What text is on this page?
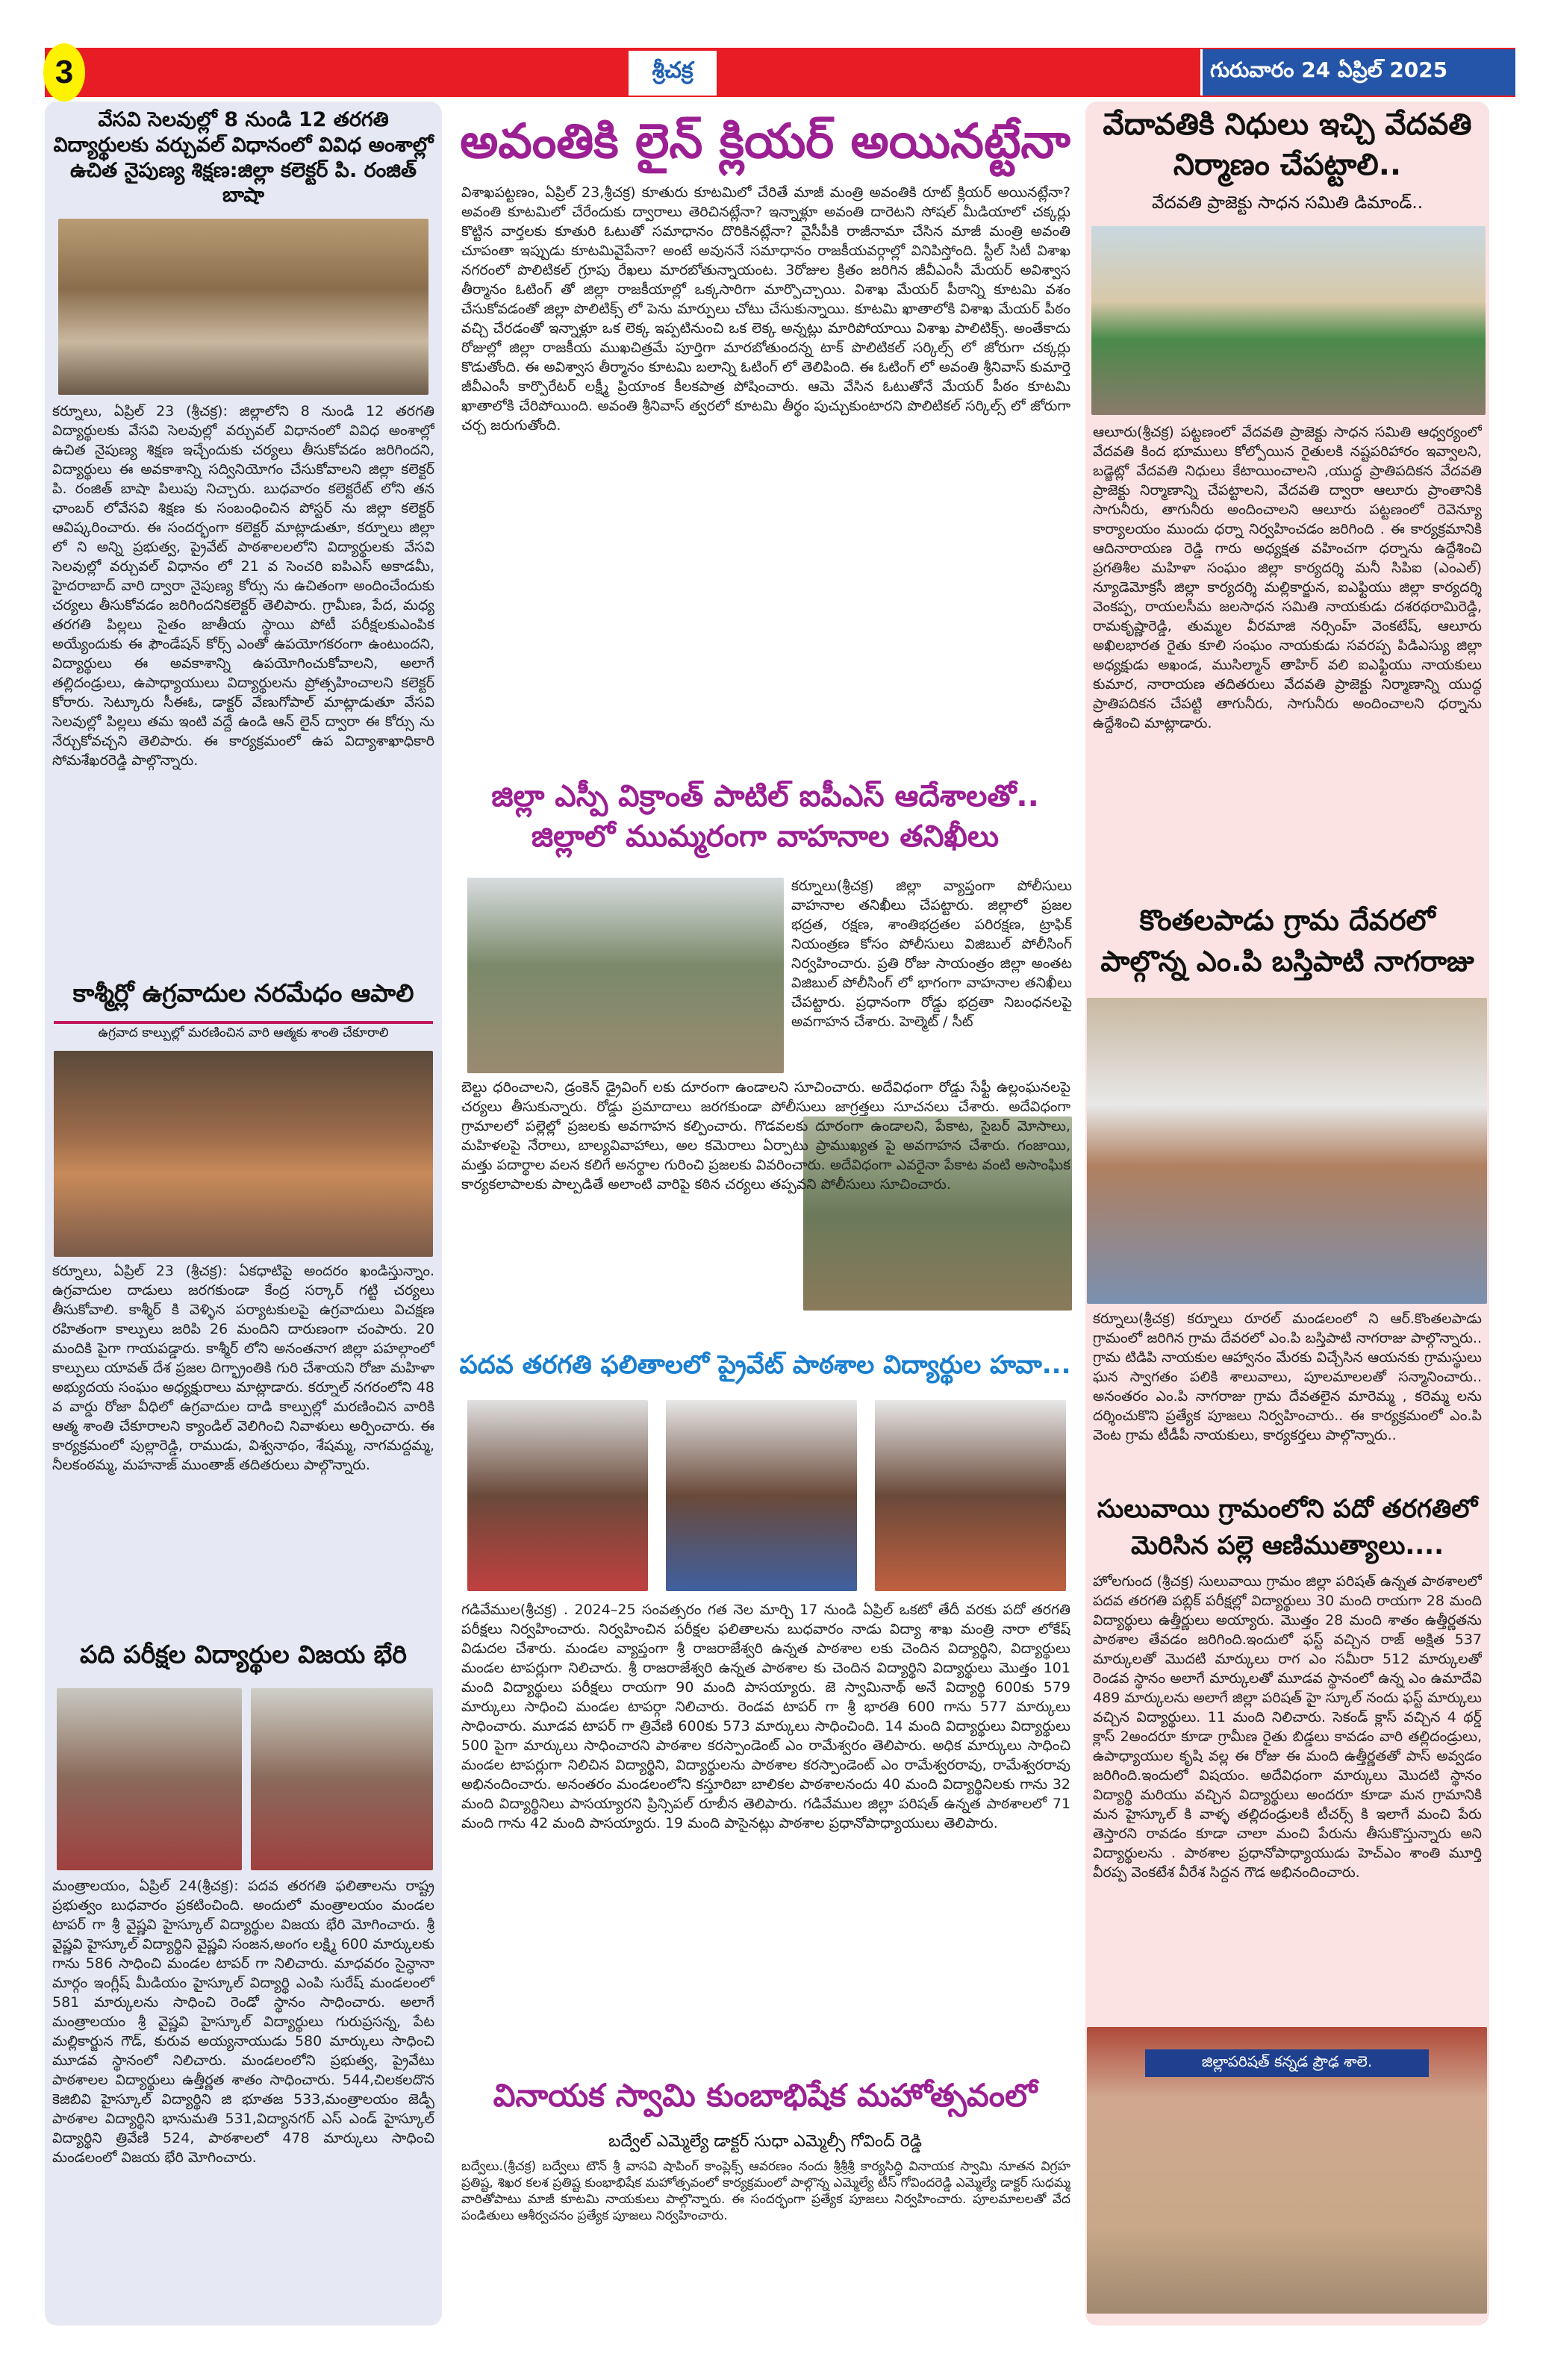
3	శ్రీచక్ర	గురువారం 24 ఏప్రిల్ 2025
వేసవి సెలవుల్లో 8 నుండి 12 తరగతి విద్యార్థులకు వర్చువల్ విధానంలో వివిధ అంశాల్లో ఉచిత నైపుణ్య శిక్షణ:జిల్లా కలెక్టర్ పి. రంజిత్ బాషా
కర్నూలు, ఏప్రిల్ 23 (శ్రీచక్ర): జిల్లాలోని 8 నుండి 12 తరగతి విద్యార్థులకు వేసవి సెలవుల్లో వర్చువల్ విధానంలో వివిధ అంశాల్లో ఉచిత నైపుణ్య శిక్షణ ఇచ్చేందుకు చర్యలు తీసుకోవడం జరిగిందని, విద్యార్థులు ఈ అవకాశాన్ని సద్వినియోగం చేసుకోవాలని జిల్లా కలెక్టర్ పి. రంజిత్ బాషా పిలుపు నిచ్చారు. బుధవారం కలెక్టరేట్ లోని తన ఛాంబర్ లోవేసవి శిక్షణ కు సంబంధించిన పోస్టర్ ను జిల్లా కలెక్టర్ ఆవిష్కరించారు. ఈ సందర్భంగా కలెక్టర్ మాట్లాడుతూ, కర్నూలు జిల్లా లో ని అన్ని ప్రభుత్వ, ప్రైవేట్ పాఠశాలలలోని విద్యార్థులకు వేసవి సెలవుల్లో వర్చువల్ విధానం లో 21 వ సెంచరి ఐపిఎస్ అకాడమీ, హైదరాబాద్ వారి ద్వారా నైపుణ్య కోర్సు ను ఉచితంగా అందించేందుకు చర్యలు తీసుకోవడం జరిగిందనికలెక్టర్ తెలిపారు. గ్రామీణ, పేద, మధ్య తరగతి పిల్లలు సైతం జాతీయ స్థాయి పోటీ పరీక్షలకుఎంపిక అయ్యేందుకు ఈ ఫౌండేషన్ కోర్స్ ఎంతో ఉపయోగకరంగా ఉంటుందని, విద్యార్థులు ఈ అవకాశాన్ని ఉపయోగించుకోవాలని, అలాగే తల్లిదండ్రులు, ఉపాధ్యాయులు విద్యార్థులను ప్రోత్సహించాలని కలెక్టర్ కోరారు. సెట్కూరు సీఈఓ, డాక్టర్ వేణుగోపాల్ మాట్లాడుతూ వేసవి సెలవుల్లో పిల్లలు తమ ఇంటి వద్దే ఉండి ఆన్ లైన్ ద్వారా ఈ కోర్సు ను నేర్చుకోవచ్చని తెలిపారు. ఈ కార్యక్రమంలో ఉప విద్యాశాఖాధికారి సోమశేఖరరెడ్డి పాల్గొన్నారు.
కాశ్మీర్లో ఉగ్రవాదుల నరమేధం ఆపాలి
ఉగ్రవాద కాల్పుల్లో మరణించిన వారి ఆత్మకు శాంతి చేకూరాలి
కర్నూలు, ఏప్రిల్ 23 (శ్రీచక్ర): ఏకధాటిపై అందరం ఖండిస్తున్నాం. ఉగ్రవాదుల దాడులు జరగకుండా కేంద్ర సర్కార్ గట్టి చర్యలు తీసుకోవాలి. కాశ్మీర్ కి వెళ్ళిన పర్యాటకులపై ఉగ్రవాదులు విచక్షణ రహితంగా కాల్పులు జరిపి 26 మందిని దారుణంగా చంపారు. 20 మందికి పైగా గాయపడ్డారు. కాశ్మీర్ లోని అనంతనాగ జిల్లా పహల్గాంలో కాల్పులు యావత్ దేశ ప్రజల దిగ్భ్రాంతికి గురి చేశాయని రోజా మహిళా అభ్యుదయ సంఘం అధ్యక్షురాలు మాట్లాడారు. కర్నూల్ నగరంలోని 48 వ వార్డు రోజా వీధిలో ఉగ్రవాదుల దాడి కాల్పుల్లో మరణించిన వారికి ఆత్మ శాంతి చేకూరాలని క్యాండిల్ వెలిగించి నివాళులు అర్పించారు. ఈ కార్యక్రమంలో పుల్లారెడ్డి, రాముడు, విశ్వనాథం, శేషమ్మ, నాగమద్దమ్మ, నీలకంఠమ్మ, మహనాజ్ ముంతాజ్ తదితరులు పాల్గొన్నారు.
పది పరీక్షల విద్యార్థుల విజయ భేరి
మంత్రాలయం, ఏప్రిల్ 24(శ్రీచక్ర): పదవ తరగతి ఫలితాలను రాష్ట్ర ప్రభుత్వం బుధవారం ప్రకటించింది. అందులో మంత్రాలయం మండల టాపర్ గా శ్రీ వైష్ణవి హైస్కూల్ విద్యార్థుల విజయ భేరి మోగించారు. శ్రీ వైష్ణవి హైస్కూల్ విద్యార్థిని వైష్ణవి సంజన,అంగం లక్ష్మి 600 మార్కులకు గాను 586 సాధించి మండల టాపర్ గా నిలిచారు. మాధవరం సైన్ధానా మార్గం ఇంగ్లీష్ మీడియం హైస్కూల్ విద్యార్థి ఎంపి సురేష్ మండలంలో 581 మార్కులను సాధించి రెండో స్థానం సాధించారు. అలాగే మంత్రాలయం శ్రీ వైష్ణవి హైస్కూల్ విద్యార్థులు గురుప్రసన్న, పేట మల్లికార్జున గౌడ్, కురువ అయ్యనాయుడు 580 మార్కులు సాధించి మూడవ స్థానంలో నిలిచారు. మండలంలోని ప్రభుత్వ, ప్రైవేటు పాఠశాలల విద్యార్థులు ఉత్తీర్ణత శాతం సాధించారు. 544,చిలకలదొన కెజిబివి హైస్కూల్ విద్యార్థిని జి భూతజ 533,మంత్రాలయం జెడ్పీ పాఠశాల విద్యార్థిని భానుమతి 531,విద్యానగర్ ఎస్ ఎండ్ హైస్కూల్ విద్యార్థిని త్రివేణి 524, పాఠశాలలో 478 మార్కులు సాధించి మండలంలో విజయ భేరి మోగించారు.
అవంతికి లైన్ క్లియర్ అయినట్టేనా
విశాఖపట్టణం, ఏప్రిల్ 23,శ్రీచక్ర) కూతురు కూటమిలో చేరితే మాజీ మంత్రి అవంతికి రూట్ క్లియర్ అయినట్లేనా? అవంతి కూటమిలో చేరేందుకు ద్వారాలు తెరిచినట్లేనా? ఇన్నాళ్లూ అవంతి దారెటని సోషల్ మీడియాలో చక్కర్లు కొట్టిన వార్తలకు కూతురి ఓటుతో సమాధానం దొరికినట్లేనా? వైసీపీకి రాజీనామా చేసిన మాజీ మంత్రి అవంతి చూపంతా ఇప్పుడు కూటమివైపేనా? అంటే అవుననే సమాధానం రాజకీయవర్గాల్లో వినిపిస్తోంది. స్టీల్ సిటీ విశాఖ నగరంలో పొలిటికల్ గ్రూపు రేఖలు మారబోతున్నాయంట. 3రోజుల క్రితం జరిగిన జీవీఎంసీ మేయర్ అవిశ్వాస తీర్మానం ఓటింగ్ తో జిల్లా రాజకీయాల్లో ఒక్కసారిగా మార్పొచ్చాయి. విశాఖ మేయర్ పీఠాన్ని కూటమి వశం చేసుకోవడంతో జిల్లా పొలిటిక్స్ లో పెను మార్పులు చోటు చేసుకున్నాయి. కూటమి ఖాతాలోకి విశాఖ మేయర్ పీఠం వచ్చి చేరడంతో ఇన్నాళ్లూ ఒక లెక్క ఇప్పటినుంచి ఒక లెక్క అన్నట్లు మారిపోయాయి విశాఖ పాలిటిక్స్. అంతేకాదు రోజుల్లో జిల్లా రాజకీయ ముఖచిత్రమే పూర్తిగా మారబోతుందన్న టాక్ పొలిటికల్ సర్కిల్స్ లో జోరుగా చక్కర్లు కొడుతోంది. ఈ అవిశ్వాస తీర్మానం కూటమి బలాన్ని ఓటింగ్ లో తెలిపింది. ఈ ఓటింగ్ లో అవంతి శ్రీనివాస్ కుమార్తె జీవీఎంసీ కార్పొరేటర్ లక్ష్మీ ప్రియాంక కీలకపాత్ర పోషించారు. ఆమె వేసిన ఓటుతోనే మేయర్ పీఠం కూటమి ఖాతాలోకి చేరిపోయింది. అవంతి శ్రీనివాస్ త్వరలో కూటమి తీర్థం పుచ్చుకుంటారని పొలిటికల్ సర్కిల్స్ లో జోరుగా చర్చ జరుగుతోంది.
జిల్లా ఎస్పీ విక్రాంత్ పాటిల్ ఐపీఎస్ ఆదేశాలతో.. జిల్లాలో ముమ్మరంగా వాహనాల తనిఖీలు
కర్నూలు(శ్రీచక్ర) జిల్లా వ్యాప్తంగా పోలీసులు వాహనాల తనిఖీలు చేపట్టారు. జిల్లాలో ప్రజల భద్రత, రక్షణ, శాంతిభద్రతల పరిరక్షణ, ట్రాఫిక్ నియంత్రణ కోసం పోలీసులు విజిబుల్ పోలీసింగ్ నిర్వహించారు. ప్రతి రోజు సాయంత్రం జిల్లా అంతట విజిబుల్ పోలీసింగ్ లో భాగంగా వాహనాల తనిఖీలు చేపట్టారు. ప్రధానంగా రోడ్డు భద్రతా నిబంధనలపై అవగాహన చేశారు. హెల్మెట్ / సీట్
బెల్టు ధరించాలని, డ్రంకెన్ డ్రైవింగ్ లకు దూరంగా ఉండాలని సూచించారు. అదేవిధంగా రోడ్డు సేఫ్టీ ఉల్లంఘనలపై చర్యలు తీసుకున్నారు. రోడ్డు ప్రమాదాలు జరగకుండా పోలీసులు జాగ్రత్తలు సూచనలు చేశారు. అదేవిధంగా గ్రామాలలో పల్లెల్లో ప్రజలకు అవగాహన కల్పించారు. గొడవలకు దూరంగా ఉండాలని, పేకాట, సైబర్ మోసాలు, మహిళలపై నేరాలు, బాల్యవివాహాలు, అల కమెరాలు ఏర్పాటు ప్రాముఖ్యత పై అవగాహన చేశారు. గంజాయి, మత్తు పదార్థాల వలన కలిగే అనర్థాల గురించి ప్రజలకు వివరించారు. అదేవిధంగా ఎవరైనా పేకాట వంటి అసాంఘిక కార్యకలాపాలకు పాల్పడితే అలాంటి వారిపై కఠిన చర్యలు తప్పవని పోలీసులు సూచించారు.
పదవ తరగతి ఫలితాలలో ప్రైవేట్ పాఠశాల విద్యార్థుల హవా...
గడివేముల(శ్రీచక్ర) . 2024–25 సంవత్సరం గత నెల మార్చి 17 నుండి ఏప్రిల్ ఒకటో తేదీ వరకు పదో తరగతి పరీక్షలు నిర్వహించారు. నిర్వహించిన పరీక్షల ఫలితాలను బుధవారం నాడు విద్యా శాఖ మంత్రి నారా లోకేష్ విడుదల చేశారు. మండల వ్యాప్తంగా శ్రీ రాజరాజేశ్వరి ఉన్నత పాఠశాల లకు చెందిన విద్యార్థిని, విద్యార్థులు మండల టాపర్లుగా నిలిచారు. శ్రీ రాజరాజేశ్వరి ఉన్నత పాఠశాల కు చెందిన విద్యార్థిని విద్యార్థులు మొత్తం 101 మంది విద్యార్థులు పరీక్షలు రాయగా 90 మంది పాసయ్యారు. జె స్వామినాథ్ అనే విద్యార్థి 600కు 579 మార్కులు సాధించి మండల టాపర్గా నిలిచారు. రెండవ టాపర్ గా శ్రీ భారతి 600 గాను 577 మార్కులు సాధించారు. మూడవ టాపర్ గా త్రివేణి 600కు 573 మార్కులు సాధించింది. 14 మంది విద్యార్థులు విద్యార్థులు 500 పైగా మార్కులు సాధించారని పాఠశాల కరస్పాండెంట్ ఎం రామేశ్వరం తెలిపారు. అధిక మార్కులు సాధించి మండల టాపర్లుగా నిలిచిన విద్యార్థిని, విద్యార్థులను పాఠశాల కరస్పాండెంట్ ఎం రామేశ్వరరావు, రామేశ్వరరావు అభినందించారు. అనంతరం మండలంలోని కస్తూరిబా బాలికల పాఠశాలనందు 40 మంది విద్యార్థినిలకు గాను 32 మంది విద్యార్థినిలు పాసయ్యారని ప్రిన్సిపల్ రూబీన తెలిపారు. గడివేముల జిల్లా పరిషత్ ఉన్నత పాఠశాలలో 71 మంది గాను 42 మంది పాసయ్యారు. 19 మంది పాసైనట్లు పాఠశాల ప్రధానోపాధ్యాయులు తెలిపారు.
వినాయక స్వామి కుంబాభిషేక మహోత్సవంలో
బద్వేల్ ఎమ్మెల్యే డాక్టర్ సుధా ఎమ్మెల్సీ గోవింద్ రెడ్డి
బద్వేలు.(శ్రీచక్ర) బద్వేలు టౌన్ శ్రీ వాసవి షాపింగ్ కాంప్లెక్స్ ఆవరణం నందు శ్రీశ్రీశ్రీ కార్యసిద్ధి వినాయక స్వామి నూతన విగ్రహ ప్రతిష్ట, శిఖర కలశ ప్రతిష్ట కుంభాభిషేక మహోత్సవంలో కార్యక్రమంలో పాల్గొన్న ఎమ్మెల్యే టీస్ గోవిందరెడ్డి ఎమ్మెల్యే డాక్టర్ సుధమ్మ వారితోపాటు మాజీ కూటమి నాయకులు పాల్గొన్నారు. ఈ సందర్భంగా ప్రత్యేక పూజలు నిర్వహించారు. పూలమాలలతో వేద పండితులు ఆశీర్వచనం ప్రత్యేక పూజలు నిర్వహించారు.
వేదావతికి నిధులు ఇచ్చి వేదవతి నిర్మాణం చేపట్టాలి..
వేదవతి ప్రాజెక్టు సాధన సమితి డిమాండ్..
ఆలూరు(శ్రీచక్ర) పట్టణంలో వేదవతి ప్రాజెక్టు సాధన సమితి ఆధ్వర్యంలో వేదవతి కింద భూములు కోల్పోయిన రైతులకి నష్టపరిహారం ఇవ్వాలని, బడ్జెట్లో వేదవతి నిధులు కేటాయించాలని ,యుద్ధ ప్రాతిపదికన వేదవతి ప్రాజెక్టు నిర్మాణాన్ని చేపట్టాలని, వేదవతి ద్వారా ఆలూరు ప్రాంతానికి సాగునీరు, తాగునీరు అందించాలని ఆలూరు పట్టణంలో రెవెన్యూ కార్యాలయం ముందు ధర్నా నిర్వహించడం జరిగింది . ఈ కార్యక్రమానికి ఆదినారాయణ రెడ్డి గారు అధ్యక్షత వహించగా ధర్నాను ఉద్దేశించి ప్రగతిశీల మహిళా సంఘం జిల్లా కార్యదర్శి మనీ సిపిఐ (ఎంఎల్) న్యూడెమోక్రసీ జిల్లా కార్యదర్శి మల్లికార్జున, ఐఎఫ్టియు జిల్లా కార్యదర్శి వెంకప్ప, రాయలసీమ జలసాధన సమితి నాయకుడు దశరథరామిరెడ్డి, రామకృష్ణారెడ్డి, తుమ్మల వీరమాజి నర్సింహ్ వెంకటేష్, ఆలూరు అఖిలభారత రైతు కూలి సంఘం నాయకుడు సవరప్ప పిడిఎస్యు జిల్లా అధ్యక్షుడు అఖండ, ముసిల్మాన్ తాహిర్ వలి ఐఎఫ్టియు నాయకులు కుమార, నారాయణ తదితరులు వేదవతి ప్రాజెక్టు నిర్మాణాన్ని యుద్ధ ప్రాతిపదికన చేపట్టి తాగునీరు, సాగునీరు అందించాలని ధర్నాను ఉద్దేశించి మాట్లాడారు.
కొంతలపాడు గ్రామ దేవరలో పాల్గొన్న ఎం.పి బస్తిపాటి నాగరాజు
కర్నూలు(శ్రీచక్ర) కర్నూలు రూరల్ మండలంలో ని ఆర్.కొంతలపాడు గ్రామంలో జరిగిన గ్రామ దేవరలో ఎం.పి బస్తిపాటి నాగరాజు పాల్గొన్నారు.. గ్రామ టిడిపి నాయకుల ఆహ్వానం మేరకు విచ్చేసిన ఆయనకు గ్రామస్థులు ఘన స్వాగతం పలికి శాలువాలు, పూలమాలలతో సన్మానించారు.. అనంతరం ఎం.పి నాగరాజు గ్రామ దేవతలైన మారెమ్మ , కరెమ్మ లను దర్శించుకొని ప్రత్యేక పూజలు నిర్వహించారు.. ఈ కార్యక్రమంలో ఎం.పి వెంట గ్రామ టీడీపీ నాయకులు, కార్యకర్తలు పాల్గొన్నారు..
సులువాయి గ్రామంలోని పదో తరగతిలో మెరిసిన పల్లె ఆణిముత్యాలు....
హోలగుంద (శ్రీచక్ర) సులువాయి గ్రామం జిల్లా పరిషత్ ఉన్నత పాఠశాలలో పదవ తరగతి పబ్లిక్ పరీక్షల్లో విద్యార్థులు 30 మంది రాయగా 28 మంది విద్యార్థులు ఉత్తీర్ణులు అయ్యారు. మొత్తం 28 మంది శాతం ఉత్తీర్ణతను పాఠశాల తేవడం జరిగింది.ఇందులో ఫస్ట్ వచ్చిన రాజ్ అక్షిత 537 మార్కులతో మొదటి మార్కులు రాగ ఎం సమీరా 512 మార్కులతో రెండవ స్థానం అలాగే మార్కులతో మూడవ స్థానంలో ఉన్న ఎం ఉమాదేవి 489 మార్కులను అలాగే జిల్లా పరిషత్ హై స్కూల్ నందు ఫస్ట్ మార్కులు వచ్చిన విద్యార్థులు. 11 మంది నిలిచారు. సెకండ్ క్లాస్ వచ్చిన 4 థర్డ్ క్లాస్ 2అందరూ కూడా గ్రామీణ రైతు బిడ్డలు కావడం వారి తల్లిదండ్రులు, ఉపాధ్యాయుల కృషి వల్ల ఈ రోజు ఈ మంది ఉత్తీర్ణతతో పాస్ అవ్వడం జరిగింది.ఇందులో విషయం. అదేవిధంగా మార్కులు మొదటి స్థానం విద్యార్థి మరియు వచ్చిన విద్యార్థులు అందరూ కూడా మన గ్రామానికి మన హైస్కూల్ కి వాళ్ళ తల్లిదండ్రులకి టీచర్స్ కి ఇలాగే మంచి పేరు తెస్తారని రావడం కూడా చాలా మంచి పేరును తీసుకొస్తున్నారు అని విద్యార్థులను . పాఠశాల ప్రధానోపాధ్యాయుడు హెచ్ఎం శాంతి మూర్తి వీరప్ప వెంకటేశ వీరేశ సిద్దన గౌడ అభినందించారు.
జిల్లాపరిషత్ కన్నడ ప్రౌఢ శాలె.
